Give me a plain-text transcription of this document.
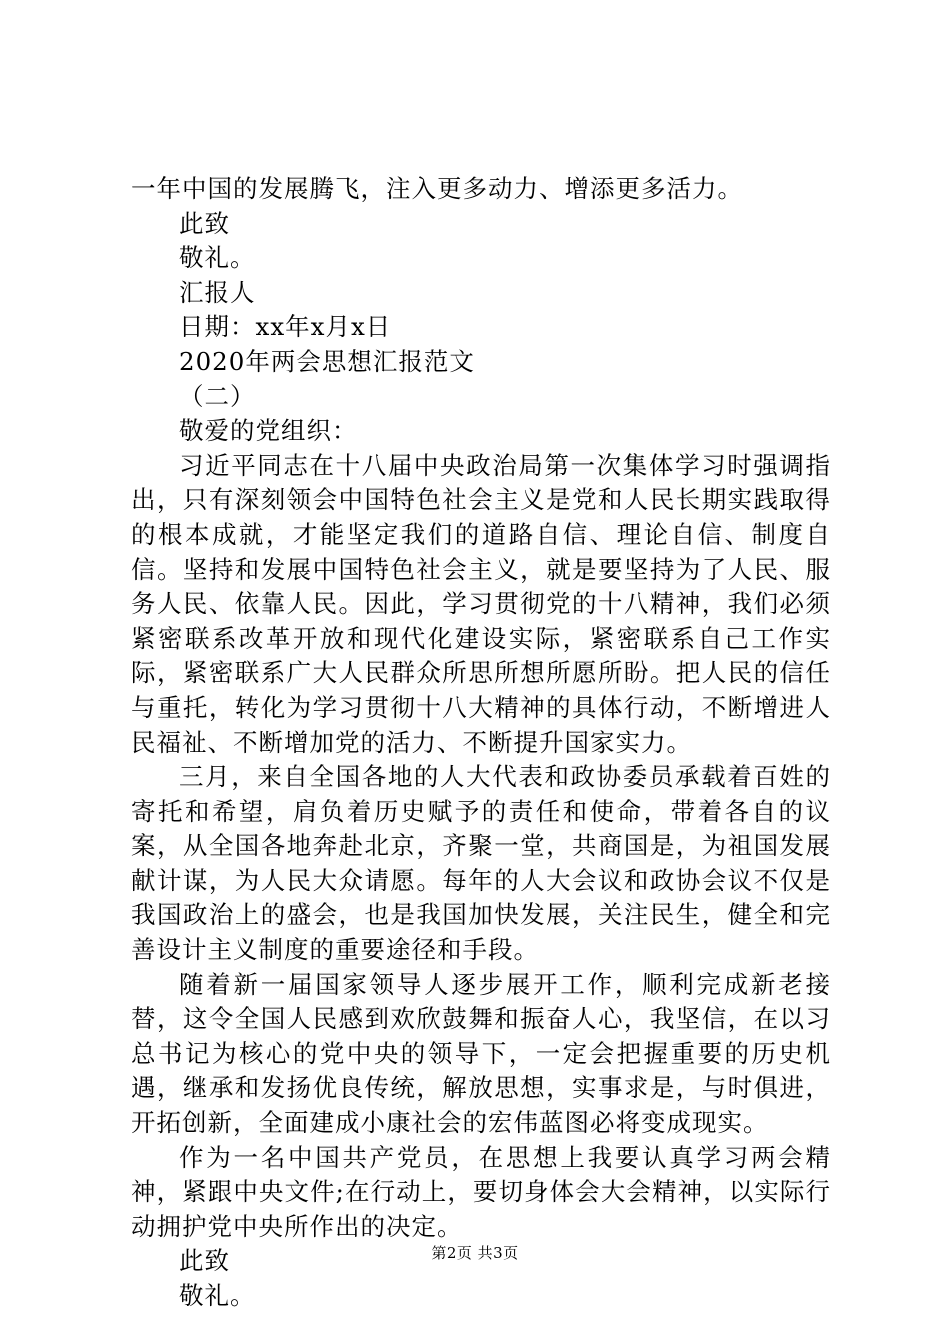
一年中国的发展腾飞，注入更多动力、增添更多活力。

此致

敬礼。

汇报人

日期：xx年x月x日

2020年两会思想汇报范文

（二）

敬爱的党组织：

习近平同志在十八届中央政治局第一次集体学习时强调指出，只有深刻领会中国特色社会主义是党和人民长期实践取得的根本成就，才能坚定我们的道路自信、理论自信、制度自信。坚持和发展中国特色社会主义，就是要坚持为了人民、服务人民、依靠人民。因此，学习贯彻党的十八精神，我们必须紧密联系改革开放和现代化建设实际，紧密联系自己工作实际，紧密联系广大人民群众所思所想所愿所盼。把人民的信任与重托，转化为学习贯彻十八大精神的具体行动，不断增进人民福祉、不断增加党的活力、不断提升国家实力。

三月，来自全国各地的人大代表和政协委员承载着百姓的寄托和希望，肩负着历史赋予的责任和使命，带着各自的议案，从全国各地奔赴北京，齐聚一堂，共商国是，为祖国发展献计谋，为人民大众请愿。每年的人大会议和政协会议不仅是我国政治上的盛会，也是我国加快发展，关注民生，健全和完善设计主义制度的重要途径和手段。

随着新一届国家领导人逐步展开工作，顺利完成新老接替，这令全国人民感到欢欣鼓舞和振奋人心，我坚信，在以习总书记为核心的党中央的领导下，一定会把握重要的历史机遇，继承和发扬优良传统，解放思想，实事求是，与时俱进，开拓创新，全面建成小康社会的宏伟蓝图必将变成现实。

作为一名中国共产党员，在思想上我要认真学习两会精神，紧跟中央文件;在行动上，要切身体会大会精神，以实际行动拥护党中央所作出的决定。

此致

敬礼。

第2页 共3页
